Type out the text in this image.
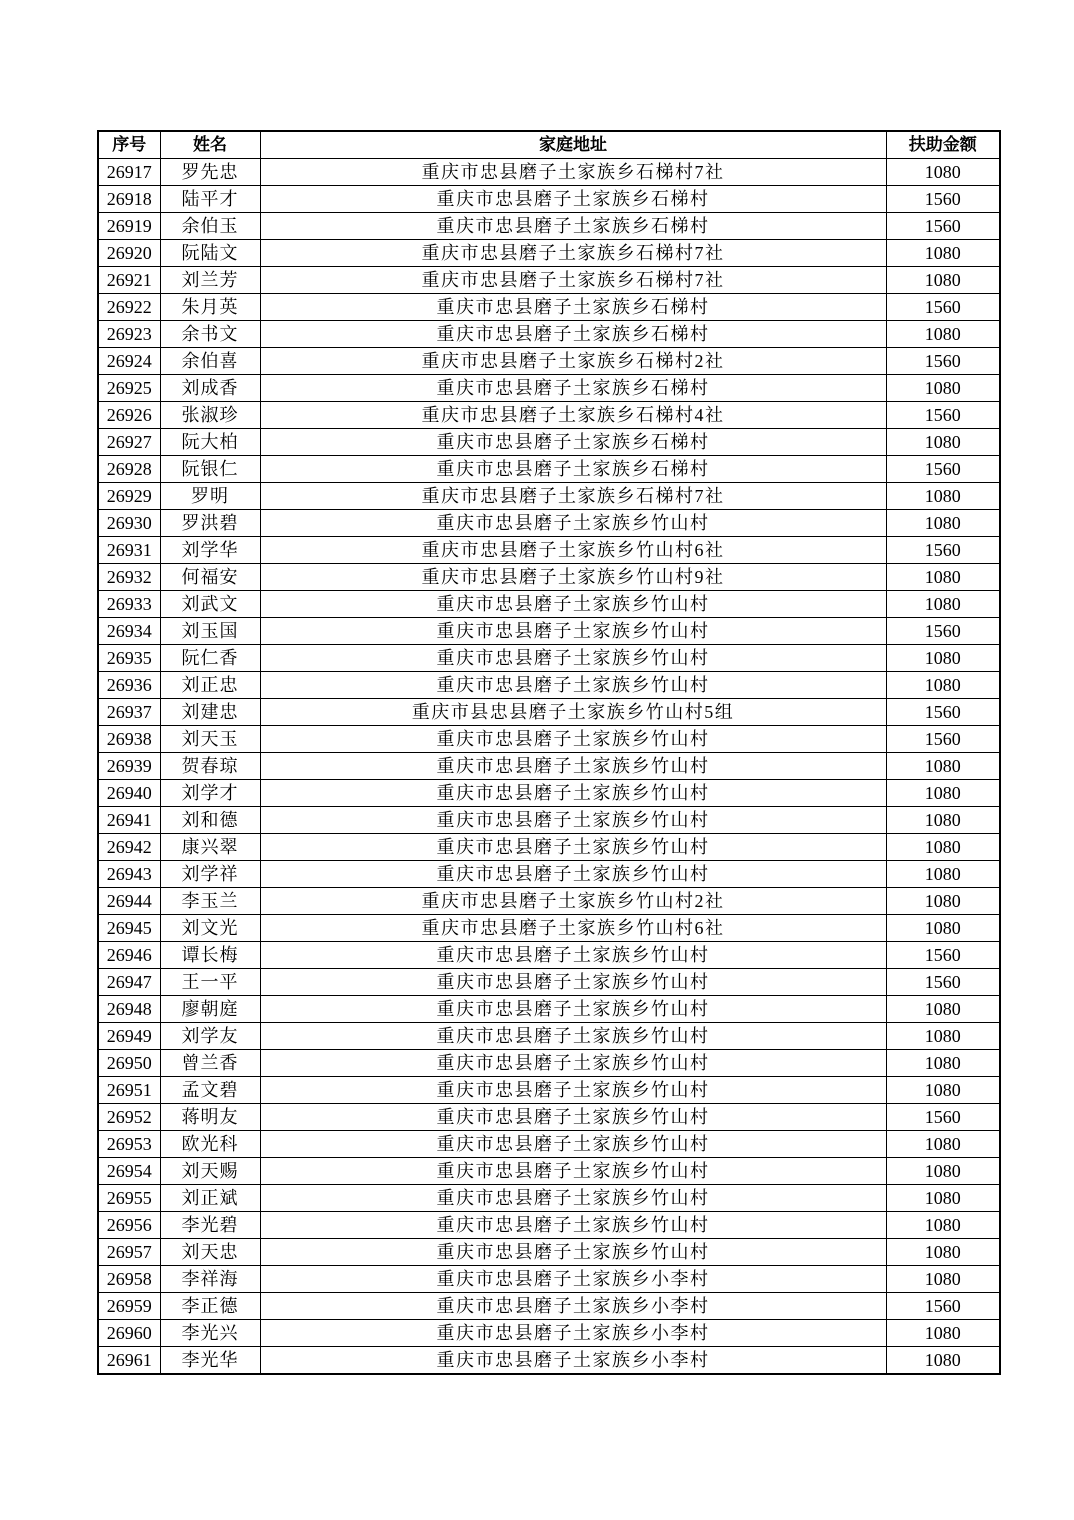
序号	姓名	家庭地址	扶助金额
26917	罗先忠	重庆市忠县磨子土家族乡石梯村7社	1080
26918	陆平才	重庆市忠县磨子土家族乡石梯村	1560
26919	余伯玉	重庆市忠县磨子土家族乡石梯村	1560
26920	阮陆文	重庆市忠县磨子土家族乡石梯村7社	1080
26921	刘兰芳	重庆市忠县磨子土家族乡石梯村7社	1080
26922	朱月英	重庆市忠县磨子土家族乡石梯村	1560
26923	余书文	重庆市忠县磨子土家族乡石梯村	1080
26924	余伯喜	重庆市忠县磨子土家族乡石梯村2社	1560
26925	刘成香	重庆市忠县磨子土家族乡石梯村	1080
26926	张淑珍	重庆市忠县磨子土家族乡石梯村4社	1560
26927	阮大柏	重庆市忠县磨子土家族乡石梯村	1080
26928	阮银仁	重庆市忠县磨子土家族乡石梯村	1560
26929	罗明	重庆市忠县磨子土家族乡石梯村7社	1080
26930	罗洪碧	重庆市忠县磨子土家族乡竹山村	1080
26931	刘学华	重庆市忠县磨子土家族乡竹山村6社	1560
26932	何福安	重庆市忠县磨子土家族乡竹山村9社	1080
26933	刘武文	重庆市忠县磨子土家族乡竹山村	1080
26934	刘玉国	重庆市忠县磨子土家族乡竹山村	1560
26935	阮仁香	重庆市忠县磨子土家族乡竹山村	1080
26936	刘正忠	重庆市忠县磨子土家族乡竹山村	1080
26937	刘建忠	重庆市县忠县磨子土家族乡竹山村5组	1560
26938	刘天玉	重庆市忠县磨子土家族乡竹山村	1560
26939	贺春琼	重庆市忠县磨子土家族乡竹山村	1080
26940	刘学才	重庆市忠县磨子土家族乡竹山村	1080
26941	刘和德	重庆市忠县磨子土家族乡竹山村	1080
26942	康兴翠	重庆市忠县磨子土家族乡竹山村	1080
26943	刘学祥	重庆市忠县磨子土家族乡竹山村	1080
26944	李玉兰	重庆市忠县磨子土家族乡竹山村2社	1080
26945	刘文光	重庆市忠县磨子土家族乡竹山村6社	1080
26946	谭长梅	重庆市忠县磨子土家族乡竹山村	1560
26947	王一平	重庆市忠县磨子土家族乡竹山村	1560
26948	廖朝庭	重庆市忠县磨子土家族乡竹山村	1080
26949	刘学友	重庆市忠县磨子土家族乡竹山村	1080
26950	曾兰香	重庆市忠县磨子土家族乡竹山村	1080
26951	孟文碧	重庆市忠县磨子土家族乡竹山村	1080
26952	蒋明友	重庆市忠县磨子土家族乡竹山村	1560
26953	欧光科	重庆市忠县磨子土家族乡竹山村	1080
26954	刘天赐	重庆市忠县磨子土家族乡竹山村	1080
26955	刘正斌	重庆市忠县磨子土家族乡竹山村	1080
26956	李光碧	重庆市忠县磨子土家族乡竹山村	1080
26957	刘天忠	重庆市忠县磨子土家族乡竹山村	1080
26958	李祥海	重庆市忠县磨子土家族乡小李村	1080
26959	李正德	重庆市忠县磨子土家族乡小李村	1560
26960	李光兴	重庆市忠县磨子土家族乡小李村	1080
26961	李光华	重庆市忠县磨子土家族乡小李村	1080
